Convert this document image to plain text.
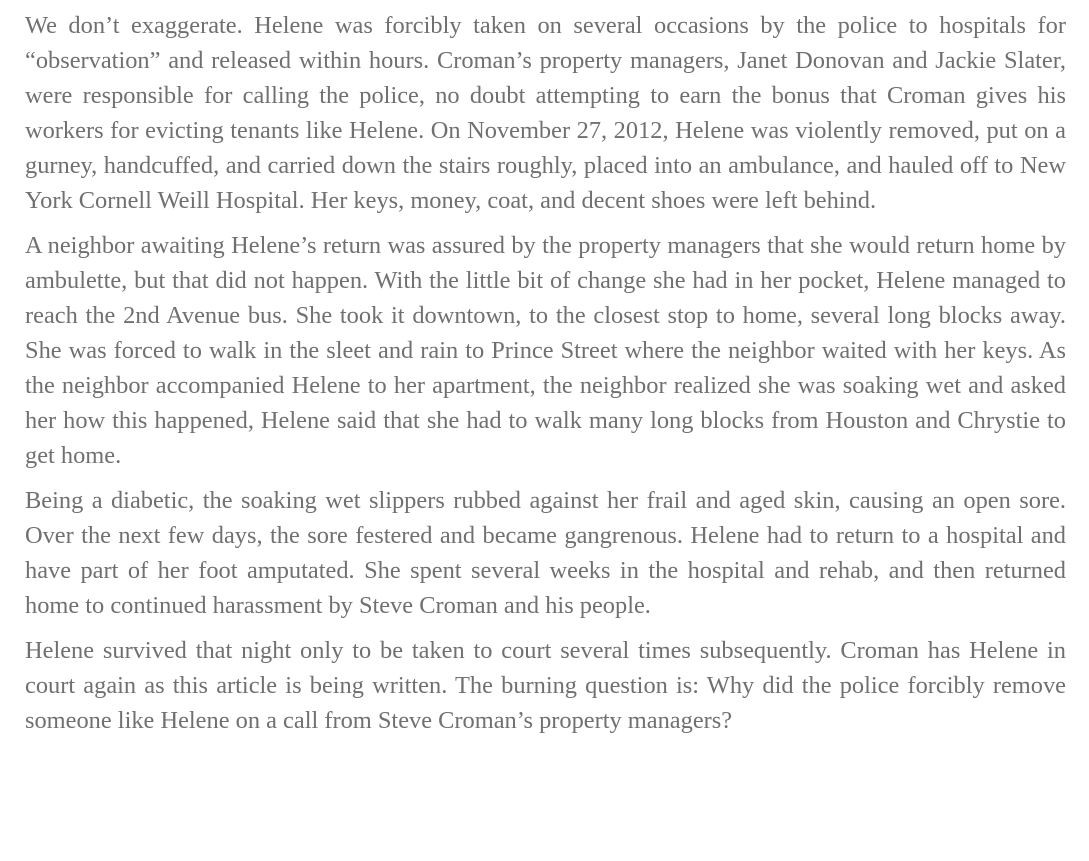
We don’t exaggerate. Helene was forcibly taken on several occasions by the police to hospitals for “observation” and released within hours. Croman’s property managers, Janet Donovan and Jackie Slater, were responsible for calling the police, no doubt attempting to earn the bonus that Croman gives his workers for evicting tenants like Helene. On November 27, 2012, Helene was violently removed, put on a gurney, handcuffed, and carried down the stairs roughly, placed into an ambulance, and hauled off to New York Cornell Weill Hospital. Her keys, money, coat, and decent shoes were left behind.

A neighbor awaiting Helene’s return was assured by the property managers that she would return home by ambulette, but that did not happen. With the little bit of change she had in her pocket, Helene managed to reach the 2nd Avenue bus. She took it downtown, to the closest stop to home, several long blocks away. She was forced to walk in the sleet and rain to Prince Street where the neighbor waited with her keys. As the neighbor accompanied Helene to her apartment, the neighbor realized she was soaking wet and asked her how this happened, Helene said that she had to walk many long blocks from Houston and Chrystie to get home.

Being a diabetic, the soaking wet slippers rubbed against her frail and aged skin, causing an open sore. Over the next few days, the sore festered and became gangrenous. Helene had to return to a hospital and have part of her foot amputated. She spent several weeks in the hospital and rehab, and then returned home to continued harassment by Steve Croman and his people.

Helene survived that night only to be taken to court several times subsequently. Croman has Helene in court again as this article is being written. The burning question is: Why did the police forcibly remove someone like Helene on a call from Steve Croman’s property managers?
